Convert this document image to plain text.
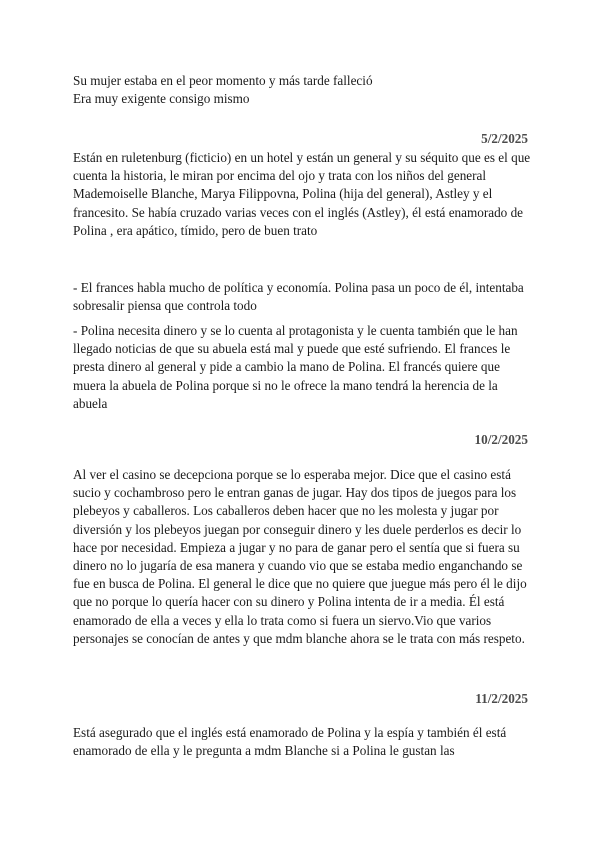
Su mujer estaba en el peor momento y más tarde falleció

Era muy exigente consigo mismo

5/2/2025

Están en ruletenburg (ficticio) en un hotel y están un general y su séquito que es el que cuenta la historia, le miran por encima del ojo y trata con los niños del general

Mademoiselle Blanche, Marya Filippovna, Polina (hija del general), Astley y el francesito. Se había cruzado varias veces con el inglés (Astley), él está enamorado de Polina , era apático, tímido, pero de buen trato

- El frances habla mucho de política y economía. Polina pasa un poco de él, intentaba sobresalir piensa que controla todo

- Polina necesita dinero y se lo cuenta al protagonista y le cuenta también que le han llegado noticias de que su abuela está mal y puede que esté sufriendo. El frances le presta dinero al general y pide a cambio la mano de Polina. El francés quiere que muera la abuela de Polina porque si no le ofrece la mano tendrá la herencia de la abuela

10/2/2025

Al ver el casino se decepciona porque se lo esperaba mejor. Dice que el casino está sucio y cochambroso pero le entran ganas de jugar. Hay dos tipos de juegos para los plebeyos y caballeros. Los caballeros deben hacer que no les molesta y jugar por diversión y los plebeyos juegan por conseguir dinero y les duele perderlos es decir lo hace por necesidad. Empieza a jugar y no para de ganar pero el sentía que si fuera su dinero no lo jugaría de esa manera y cuando vio que se estaba medio enganchando se fue en busca de Polina. El general le dice que no quiere que juegue más pero él le dijo que no porque lo quería hacer con su dinero y Polina intenta de ir a media. Él está enamorado de ella a veces y ella lo trata como si fuera un siervo.Vio que varios personajes se conocían de antes y que mdm blanche ahora se le trata con más respeto.

11/2/2025

Está asegurado que el inglés está enamorado de Polina y la espía y también él está enamorado de ella y le pregunta a mdm Blanche si a Polina le gustan las
